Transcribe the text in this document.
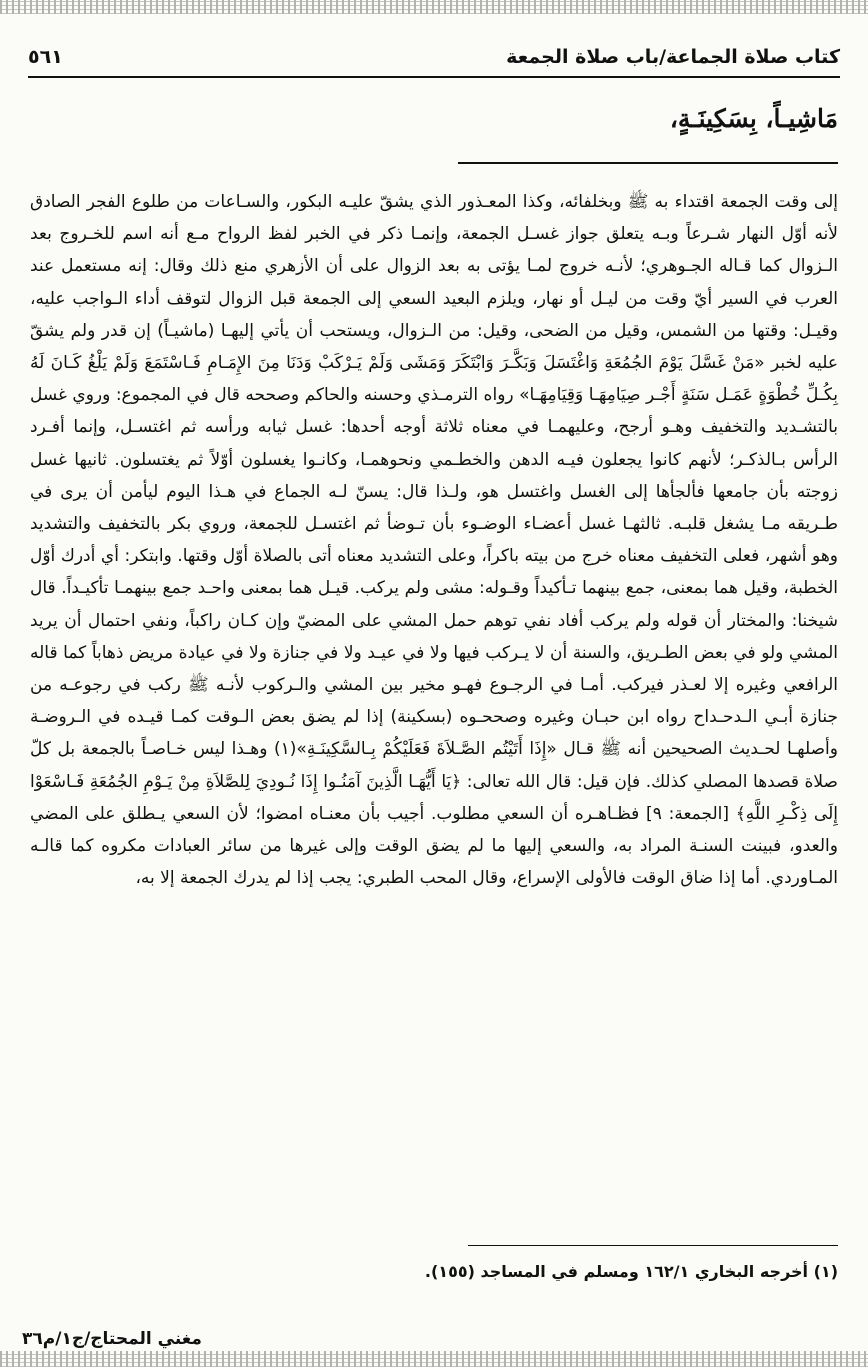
كتاب صلاة الجماعة/باب صلاة الجمعة
٥٦١
مَاشِيـاً، بِسَكِينَـةٍ،

إلى وقت الجمعة اقتداء به ﷺ وبخلفائه، وكذا المعـذور الذي يشقّ عليـه البكور، والسـاعات من طلوع الفجر الصادق لأنه أوّل النهار شـرعاً وبـه يتعلق جواز غسـل الجمعة، وإنمـا ذكر في الخبر لفظ الرواح مـع أنه اسم للخـروج بعد الـزوال كما قـاله الجـوهري؛ لأنـه خروج لمـا يؤتى به بعد الزوال على أن الأزهري منع ذلك وقال: إنه مستعمل عند العرب في السير أيّ وقت من ليـل أو نهار، ويلزم البعيد السعي إلى الجمعة قبل الزوال لتوقف أداء الـواجب عليه، وقيـل: وقتها من الشمس، وقيل من الضحى، وقيل: من الـزوال، ويستحب أن يأتي إليهـا (ماشيـاً) إن قدر ولم يشقّ عليه لخبر «مَنْ غَسَّلَ يَوْمَ الجُمُعَةِ وَاغْتَسَلَ وَبَكَّـرَ وَابْتَكَرَ وَمَشَى وَلَمْ يَـرْكَبْ وَدَنَا مِنَ الإِمَـامِ فَـاسْتَمَعَ وَلَمْ يَلْغُ كَـانَ لَهُ بِكُـلِّ خُطْوَةٍ عَمَـل سَنَةٍ أَجْـر صِيَامِهَـا وَقِيَامِهَـا» رواه الترمـذي وحسنه والحاكم وصححه قال في المجموع: وروي غسل بالتشـديد والتخفيف وهـو أرجح، وعليهمـا في معناه ثلاثة أوجه أحدها: غسل ثيابه ورأسه ثم اغتسـل، وإنما أفـرد الرأس بـالذكـر؛ لأنهم كانوا يجعلون فيـه الدهن والخطـمي ونحوهمـا، وكانـوا يغسلون أوّلاً ثم يغتسلون. ثانيها غسل زوجته بأن جامعها فألجأها إلى الغسل واغتسل هو، ولـذا قال: يسنّ لـه الجماع في هـذا اليوم ليأمن أن يرى في طـريقه مـا يشغل قلبـه. ثالثهـا غسل أعضـاء الوضـوء بأن تـوضأ ثم اغتسـل للجمعة، وروي بكر بالتخفيف والتشديد وهو أشهر، فعلى التخفيف معناه خرج من بيته باكراً، وعلى التشديد معناه أتى بالصلاة أوّل وقتها. وابتكر: أي أدرك أوّل الخطبة، وقيل هما بمعنى، جمع بينهما تـأكيداً وقـوله: مشى ولم يركب. قيـل هما بمعنى واحـد جمع بينهمـا تأكيـداً. قال شيخنا: والمختار أن قوله ولم يركب أفاد نفي توهم حمل المشي على المضيّ وإن كـان راكباً، ونفي احتمال أن يريد المشي ولو في بعض الطـريق، والسنة أن لا يـركب فيها ولا في عيـد ولا في جنازة ولا في عيادة مريض ذهاباً كما قاله الرافعي وغيره إلا لعـذر فيركب. أمـا في الرجـوع فهـو مخير بين المشي والـركوب لأنـه ﷺ ركب في رجوعـه من جنازة أبـي الـدحـداح رواه ابن حبـان وغيره وصححـوه (بسكينة) إذا لم يضق بعض الـوقت كمـا قيـده في الـروضـة وأصلهـا لحـديث الصحيحين أنه ﷺ قـال «إِذَا أَتَيْتُم الصَّـلاَةَ فَعَلَيْكُمْ بِـالسَّكِينَـةِ»(١) وهـذا ليس خـاصـاً بالجمعة بل كلّ صلاة قصدها المصلي كذلك. فإن قيل: قال الله تعالى: ﴿يَا أَيُّهَـا الَّذِينَ آمَنُـوا إِذَا نُـودِيَ لِلصَّلاَةِ مِنْ يَـوْمِ الجُمُعَةِ فَـاسْعَوْا إِلَى ذِكْـرِ اللَّهِ﴾ [الجمعة: ٩] فظـاهـره أن السعي مطلوب. أجيب بأن معنـاه امضوا؛ لأن السعي يـطلق على المضي والعدو، فبينت السنـة المراد به، والسعي إليها ما لم يضق الوقت وإلى غيرها من سائر العبادات مكروه كما قالـه المـاوردي. أما إذا ضاق الوقت فالأولى الإسراع، وقال المحب الطبري: يجب إذا لم يدرك الجمعة إلا به،

(١) أخرجه البخاري ١٦٢/١ ومسلم في المساجد (١٥٥).
مغني المحتاج/ج١/م٣٦
